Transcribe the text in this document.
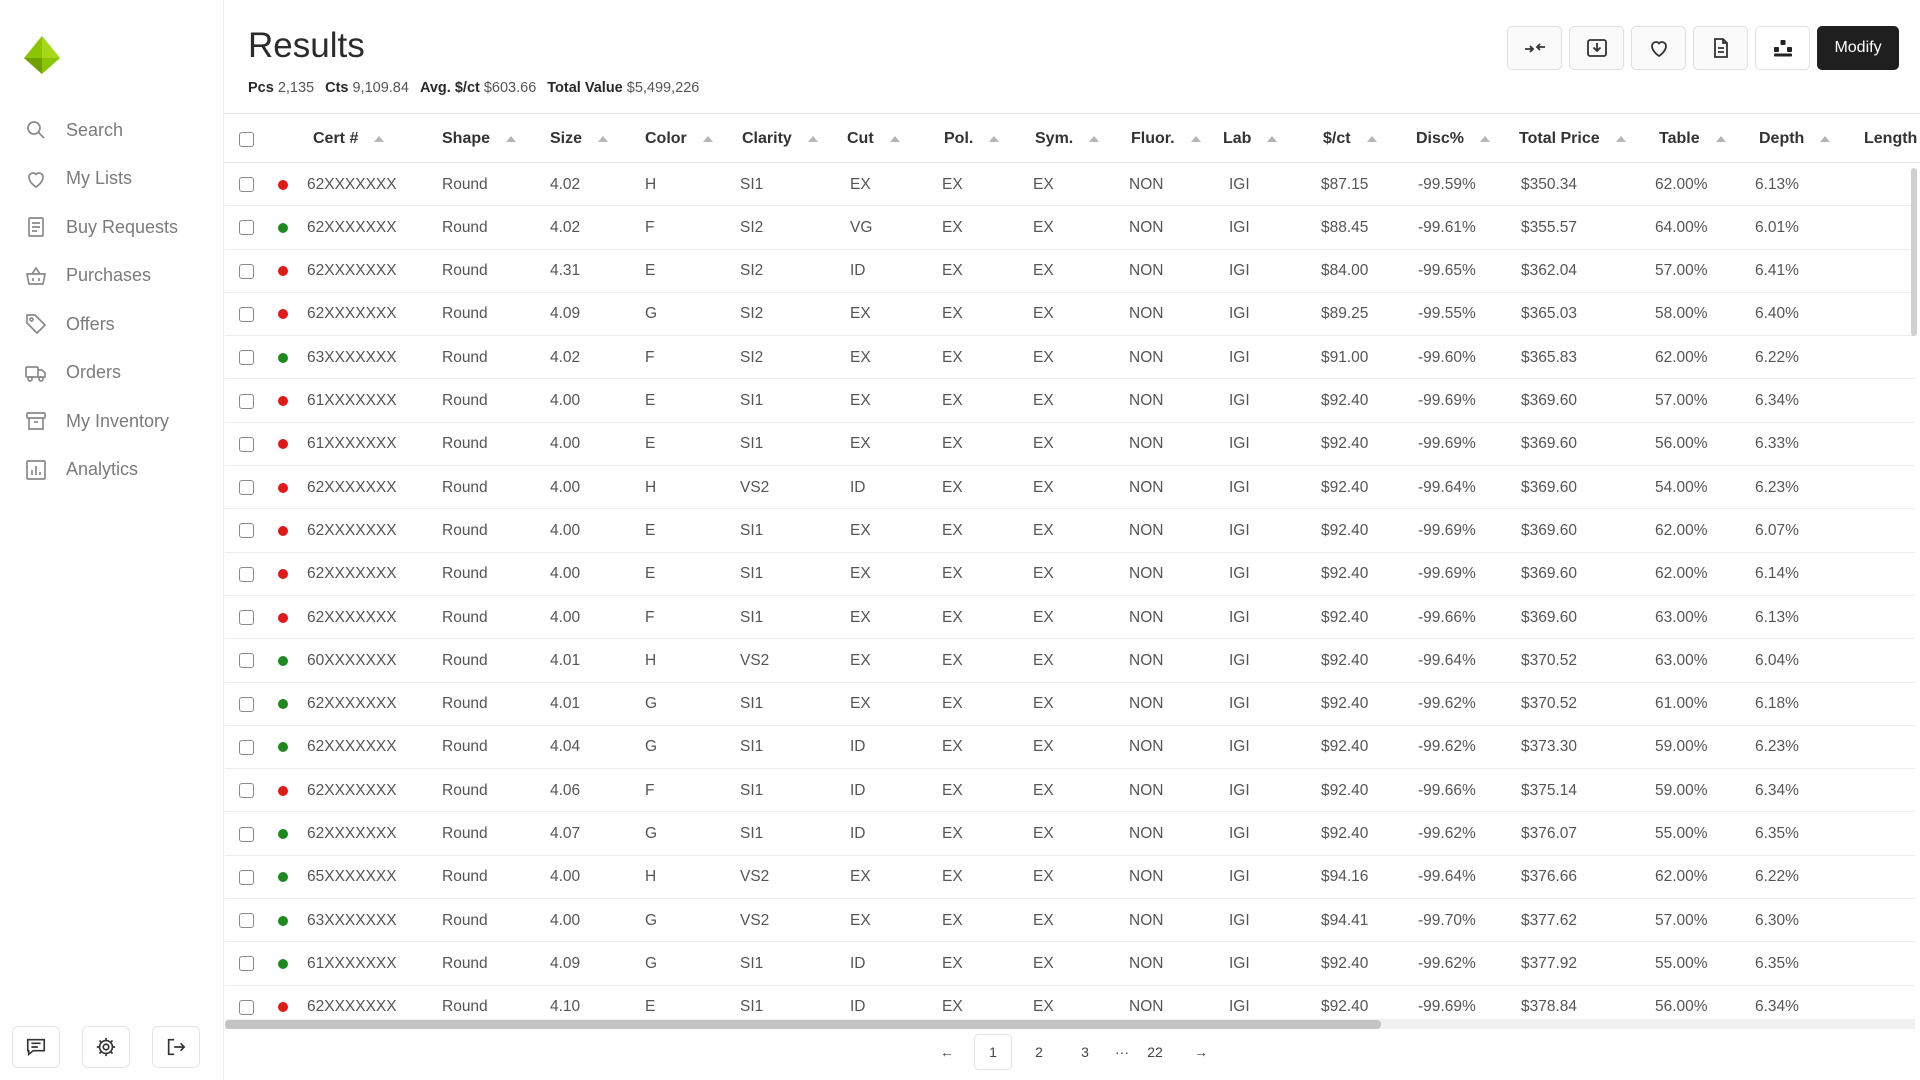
Search
My Lists
Buy Requests
Purchases
Offers
Orders
My Inventory
Analytics
Results
Pcs 2,135 Cts 9,109.84 Avg. $/ct $603.66 Total Value $5,499,226
Modify
Cert #	Shape	Size	Color	Clarity	Cut	Pol.	Sym.	Fluor.	Lab	$/ct	Disc%	Total Price	Table	Depth	Length
62XXXXXXX	Round	4.02	H	SI1	EX	EX	EX	NON	IGI	$87.15	-99.59%	$350.34	62.00%	6.13%
62XXXXXXX	Round	4.02	F	SI2	VG	EX	EX	NON	IGI	$88.45	-99.61%	$355.57	64.00%	6.01%
62XXXXXXX	Round	4.31	E	SI2	ID	EX	EX	NON	IGI	$84.00	-99.65%	$362.04	57.00%	6.41%
62XXXXXXX	Round	4.09	G	SI2	EX	EX	EX	NON	IGI	$89.25	-99.55%	$365.03	58.00%	6.40%
63XXXXXXX	Round	4.02	F	SI2	EX	EX	EX	NON	IGI	$91.00	-99.60%	$365.83	62.00%	6.22%
61XXXXXXX	Round	4.00	E	SI1	EX	EX	EX	NON	IGI	$92.40	-99.69%	$369.60	57.00%	6.34%
61XXXXXXX	Round	4.00	E	SI1	EX	EX	EX	NON	IGI	$92.40	-99.69%	$369.60	56.00%	6.33%
62XXXXXXX	Round	4.00	H	VS2	ID	EX	EX	NON	IGI	$92.40	-99.64%	$369.60	54.00%	6.23%
62XXXXXXX	Round	4.00	E	SI1	EX	EX	EX	NON	IGI	$92.40	-99.69%	$369.60	62.00%	6.07%
62XXXXXXX	Round	4.00	E	SI1	EX	EX	EX	NON	IGI	$92.40	-99.69%	$369.60	62.00%	6.14%
62XXXXXXX	Round	4.00	F	SI1	EX	EX	EX	NON	IGI	$92.40	-99.66%	$369.60	63.00%	6.13%
60XXXXXXX	Round	4.01	H	VS2	EX	EX	EX	NON	IGI	$92.40	-99.64%	$370.52	63.00%	6.04%
62XXXXXXX	Round	4.01	G	SI1	EX	EX	EX	NON	IGI	$92.40	-99.62%	$370.52	61.00%	6.18%
62XXXXXXX	Round	4.04	G	SI1	ID	EX	EX	NON	IGI	$92.40	-99.62%	$373.30	59.00%	6.23%
62XXXXXXX	Round	4.06	F	SI1	ID	EX	EX	NON	IGI	$92.40	-99.66%	$375.14	59.00%	6.34%
62XXXXXXX	Round	4.07	G	SI1	ID	EX	EX	NON	IGI	$92.40	-99.62%	$376.07	55.00%	6.35%
65XXXXXXX	Round	4.00	H	VS2	EX	EX	EX	NON	IGI	$94.16	-99.64%	$376.66	62.00%	6.22%
63XXXXXXX	Round	4.00	G	VS2	EX	EX	EX	NON	IGI	$94.41	-99.70%	$377.62	57.00%	6.30%
61XXXXXXX	Round	4.09	G	SI1	ID	EX	EX	NON	IGI	$92.40	-99.62%	$377.92	55.00%	6.35%
62XXXXXXX	Round	4.10	E	SI1	ID	EX	EX	NON	IGI	$92.40	-99.69%	$378.84	56.00%	6.34%
←	1	2	3	···	22	→
